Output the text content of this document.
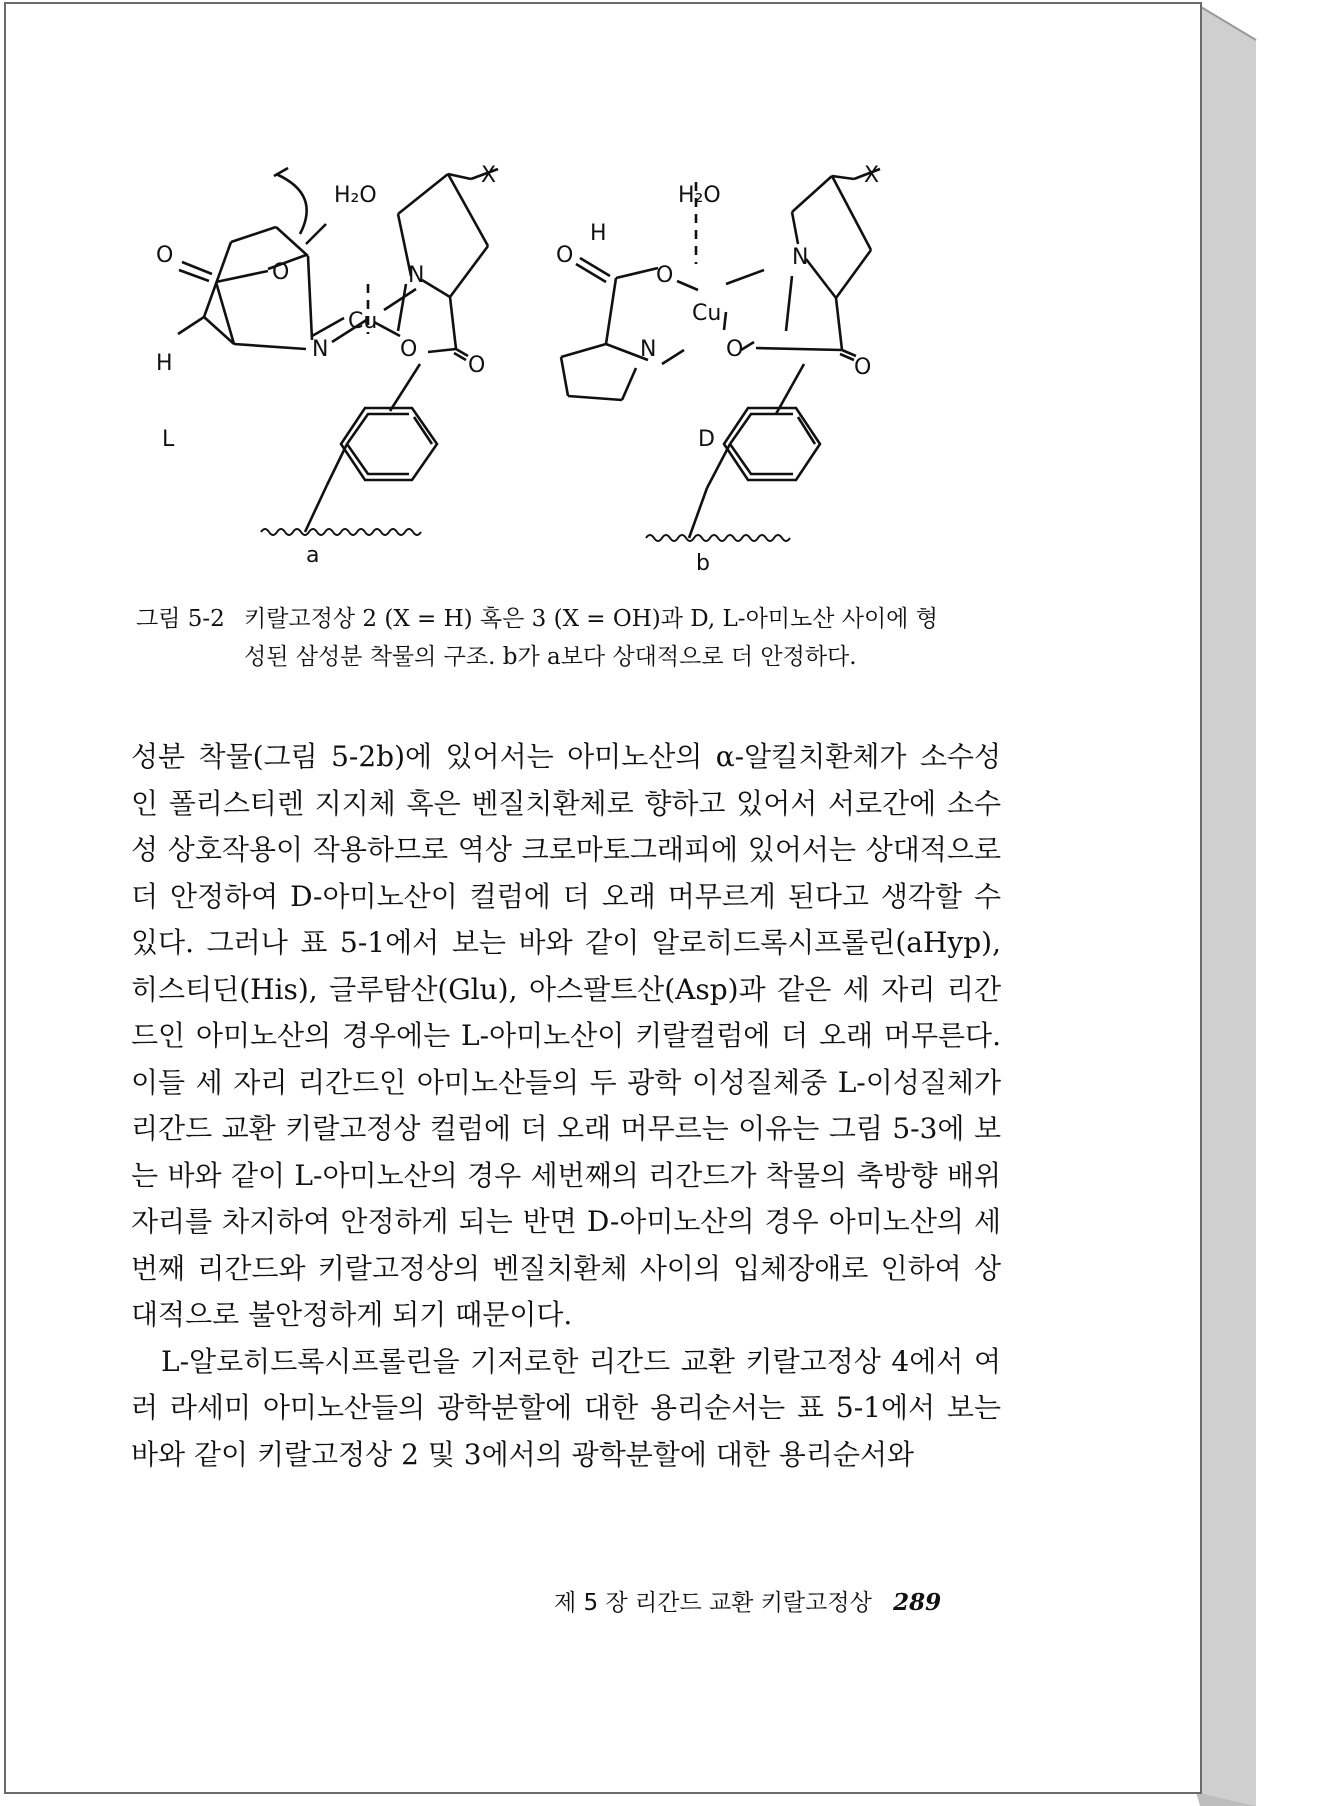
X
H₂O
O
O	N
Cu
N	O
O
H
L
a
X
H₂O
O
H
O
N
Cu
N	O
O
D
b
그림 5-2 키랄고정상 2 (X = H) 혹은 3 (X = OH)과 D, L-아미노산 사이에 형
성된 삼성분 착물의 구조. b가 a보다 상대적으로 더 안정하다.

성분 착물(그림 5-2b)에 있어서는 아미노산의 α-알킬치환체가 소수성 인 폴리스티렌 지지체 혹은 벤질치환체로 향하고 있어서 서로간에 소수성 상호작용이 작용하므로 역상 크로마토그래피에 있어서는 상대적으로 더 안정하여 D-아미노산이 컬럼에 더 오래 머무르게 된다고 생각할 수 있다. 그러나 표 5-1에서 보는 바와 같이 알로히드록시프롤린(aHyp), 히스티딘(His), 글루탐산(Glu), 아스팔트산(Asp)과 같은 세 자리 리간드인 아미노산의 경우에는 L-아미노산이 키랄컬럼에 더 오래 머무른다. 이들 세 자리 리간드인 아미노산들의 두 광학 이성질체중 L-이성질체가 리간드 교환 키랄고정상 컬럼에 더 오래 머무르는 이유는 그림 5-3에 보는 바와 같이 L-아미노산의 경우 세번째의 리간드가 착물의 축방향 배위자리를 차지하여 안정하게 되는 반면 D-아미노산의 경우 아미노산의 세번째 리간드와 키랄고정상의 벤질치환체 사이의 입체장애로 인하여 상대적으로 불안정하게 되기 때문이다.

L-알로히드록시프롤린을 기저로한 리간드 교환 키랄고정상 4에서 여러 라세미 아미노산들의 광학분할에 대한 용리순서는 표 5-1에서 보는 바와 같이 키랄고정상 2 및 3에서의 광학분할에 대한 용리순서와

제 5 장 리간드 교환 키랄고정상 289
